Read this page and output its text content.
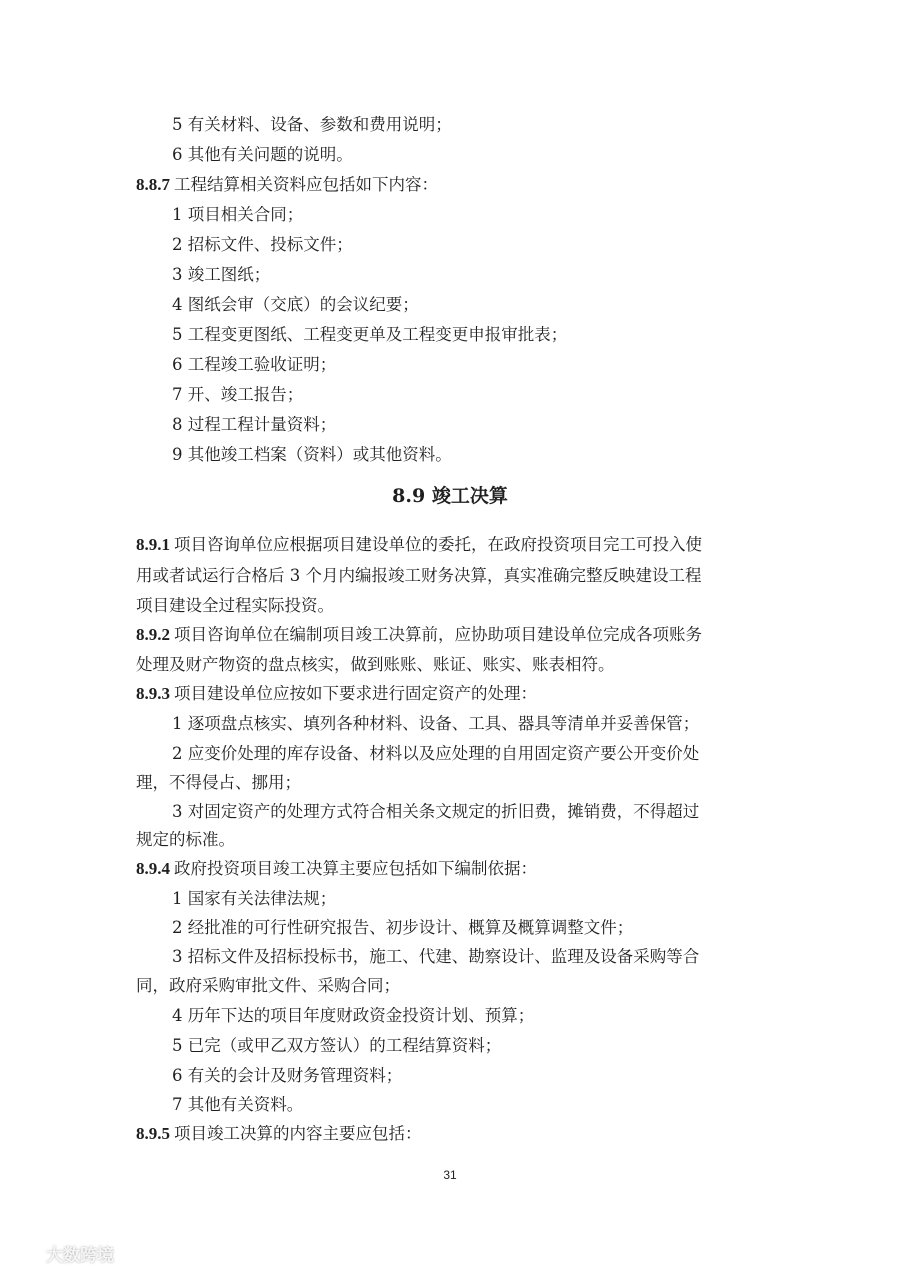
5 有关材料、设备、参数和费用说明；
6 其他有关问题的说明。
8.8.7 工程结算相关资料应包括如下内容：
1 项目相关合同；
2 招标文件、投标文件；
3 竣工图纸；
4 图纸会审（交底）的会议纪要；
5 工程变更图纸、工程变更单及工程变更申报审批表；
6 工程竣工验收证明；
7 开、竣工报告；
8 过程工程计量资料；
9 其他竣工档案（资料）或其他资料。
8.9 竣工决算
8.9.1 项目咨询单位应根据项目建设单位的委托，在政府投资项目完工可投入使
用或者试运行合格后 3 个月内编报竣工财务决算，真实准确完整反映建设工程
项目建设全过程实际投资。
8.9.2 项目咨询单位在编制项目竣工决算前，应协助项目建设单位完成各项账务
处理及财产物资的盘点核实，做到账账、账证、账实、账表相符。
8.9.3 项目建设单位应按如下要求进行固定资产的处理：
1 逐项盘点核实、填列各种材料、设备、工具、器具等清单并妥善保管；
2 应变价处理的库存设备、材料以及应处理的自用固定资产要公开变价处
理，不得侵占、挪用；
3 对固定资产的处理方式符合相关条文规定的折旧费，摊销费，不得超过
规定的标准。
8.9.4 政府投资项目竣工决算主要应包括如下编制依据：
1 国家有关法律法规；
2 经批准的可行性研究报告、初步设计、概算及概算调整文件；
3 招标文件及招标投标书，施工、代建、勘察设计、监理及设备采购等合
同，政府采购审批文件、采购合同；
4 历年下达的项目年度财政资金投资计划、预算；
5 已完（或甲乙双方签认）的工程结算资料；
6 有关的会计及财务管理资料；
7 其他有关资料。
8.9.5 项目竣工决算的内容主要应包括：
31
大数跨境
